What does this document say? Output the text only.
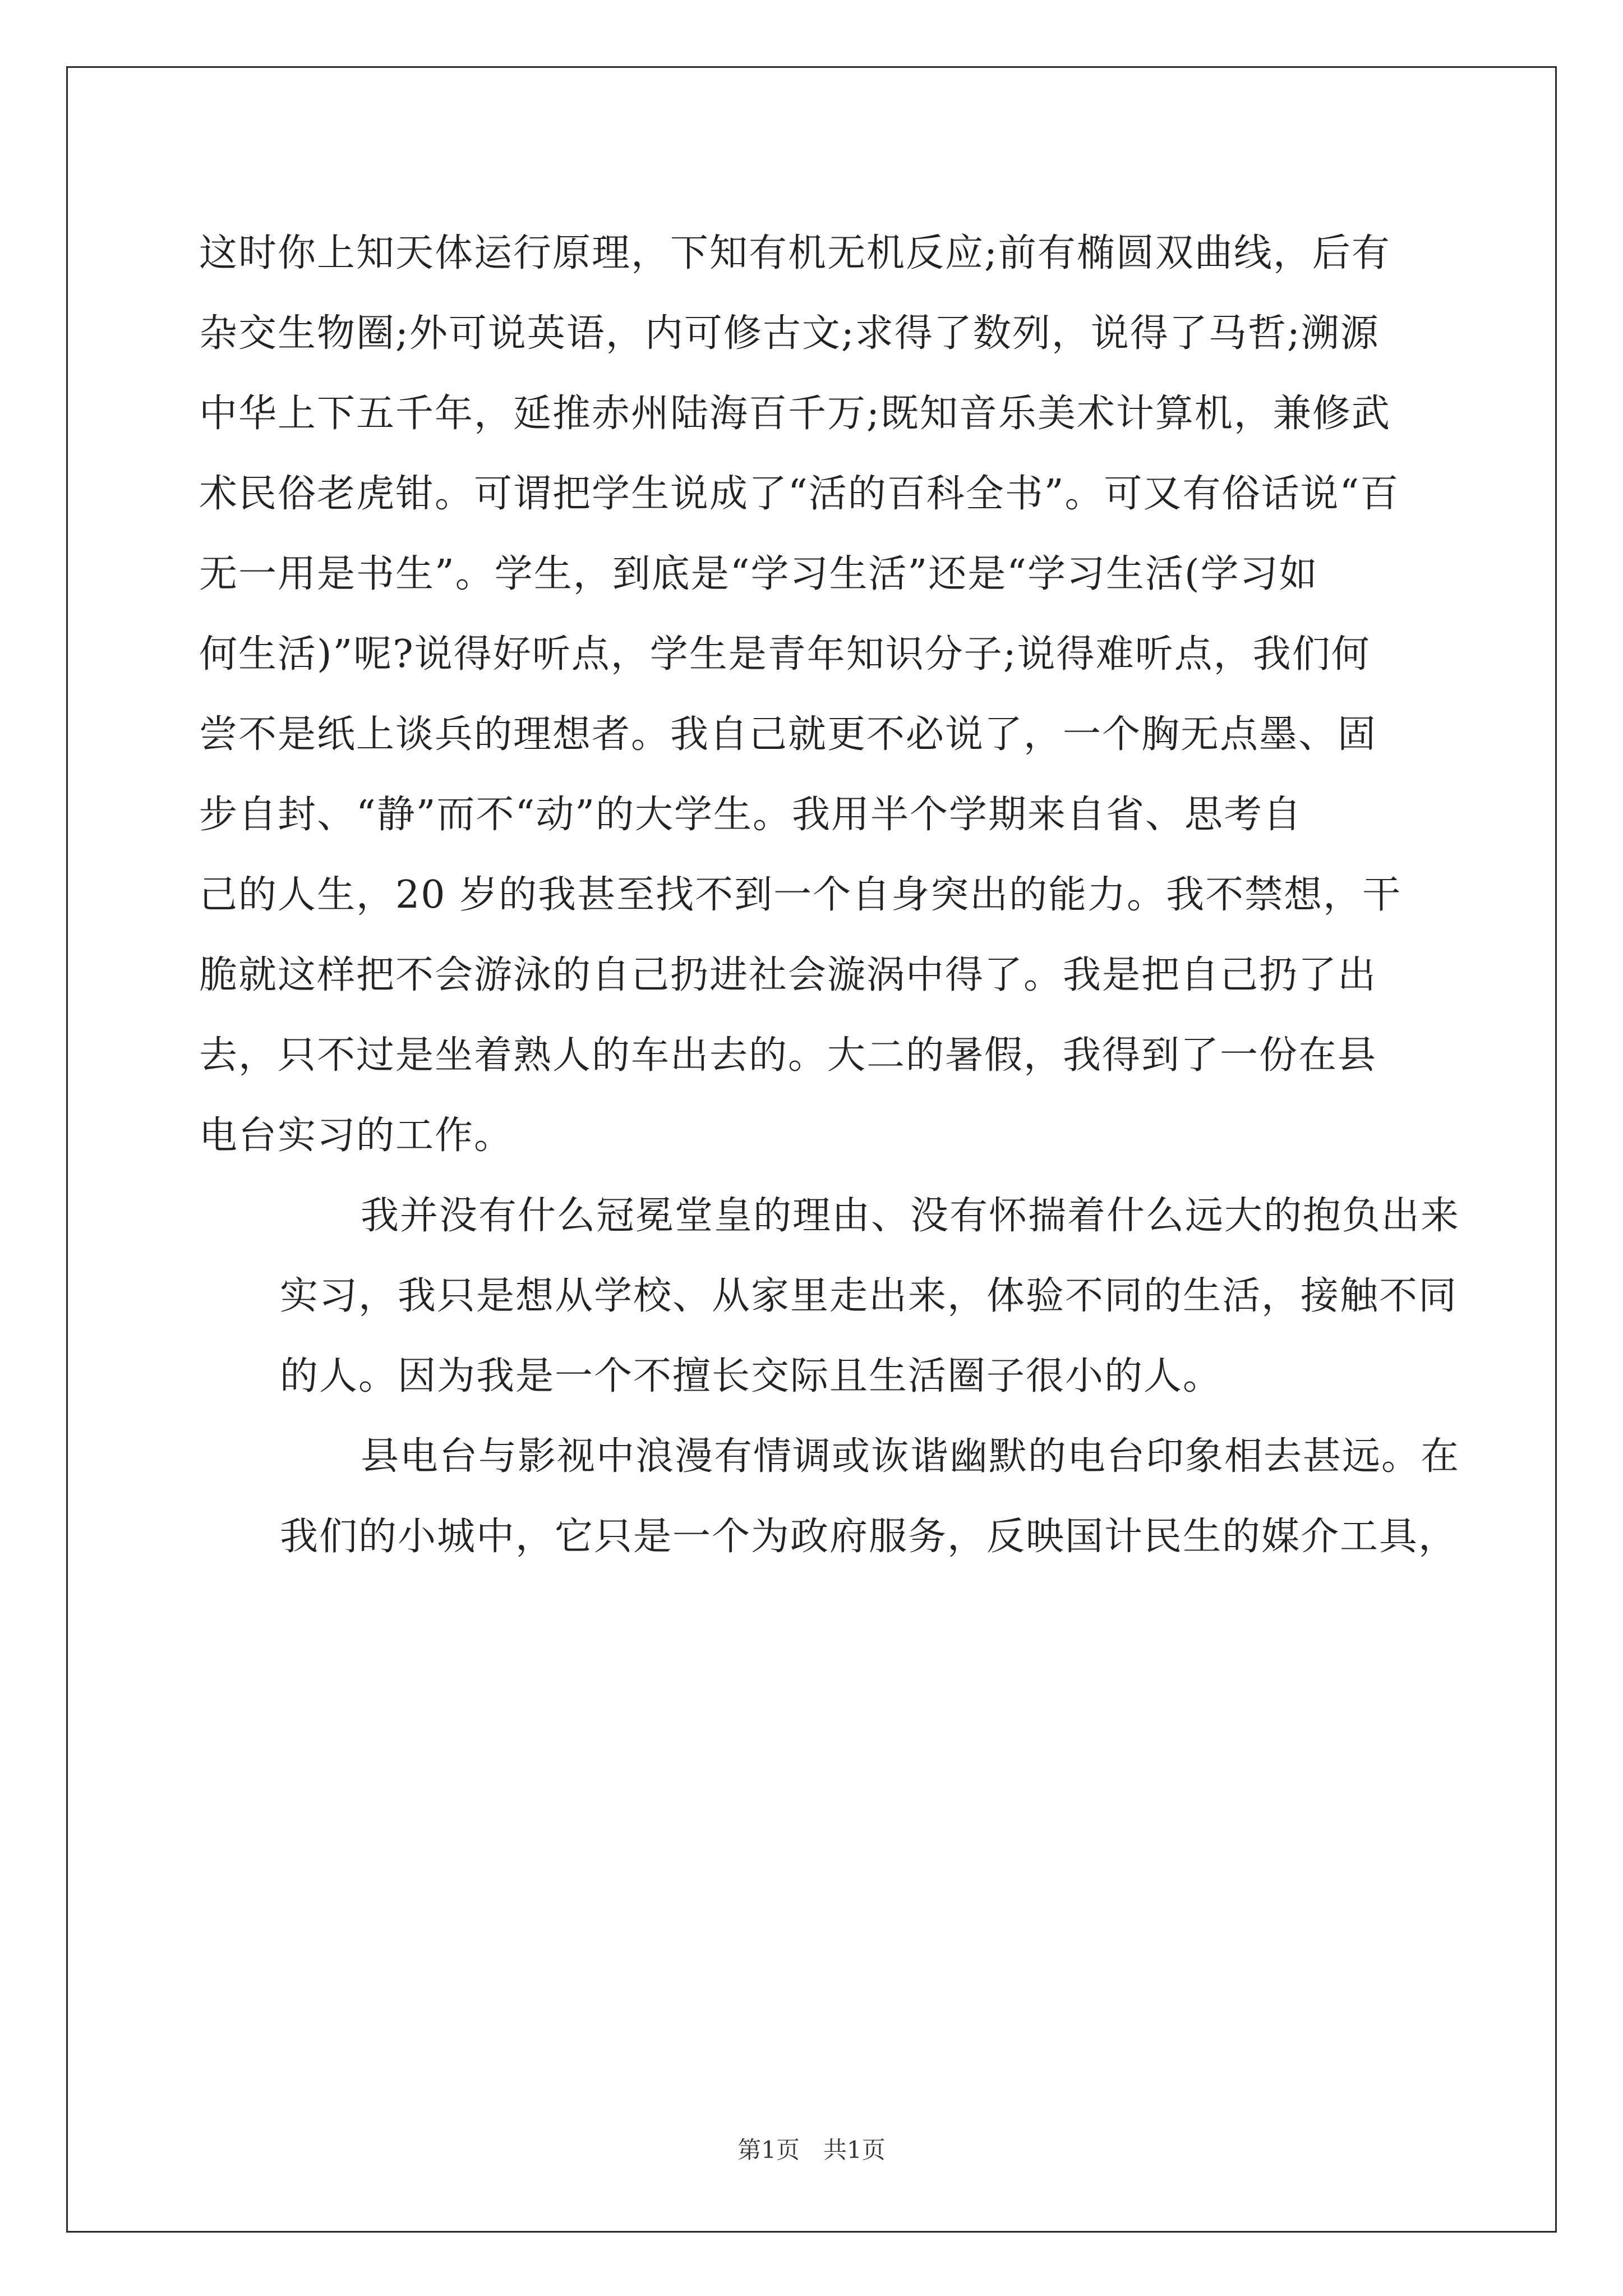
这时你上知天体运行原理，下知有机无机反应;前有椭圆双曲线，后有
杂交生物圈;外可说英语，内可修古文;求得了数列，说得了马哲;溯源
中华上下五千年，延推赤州陆海百千万;既知音乐美术计算机，兼修武
术民俗老虎钳。可谓把学生说成了“活的百科全书”。可又有俗话说“百
无一用是书生”。学生，到底是“学习生活”还是“学习生活(学习如
何生活)”呢?说得好听点，学生是青年知识分子;说得难听点，我们何
尝不是纸上谈兵的理想者。我自己就更不必说了，一个胸无点墨、固
步自封、“静”而不“动”的大学生。我用半个学期来自省、思考自
己的人生，20 岁的我甚至找不到一个自身突出的能力。我不禁想，干
脆就这样把不会游泳的自己扔进社会漩涡中得了。我是把自己扔了出
去，只不过是坐着熟人的车出去的。大二的暑假，我得到了一份在县
电台实习的工作。

我并没有什么冠冕堂皇的理由、没有怀揣着什么远大的抱负出来
实习，我只是想从学校、从家里走出来，体验不同的生活，接触不同
的人。因为我是一个不擅长交际且生活圈子很小的人。

县电台与影视中浪漫有情调或诙谐幽默的电台印象相去甚远。在
我们的小城中，它只是一个为政府服务，反映国计民生的媒介工具，

第1页　共1页
